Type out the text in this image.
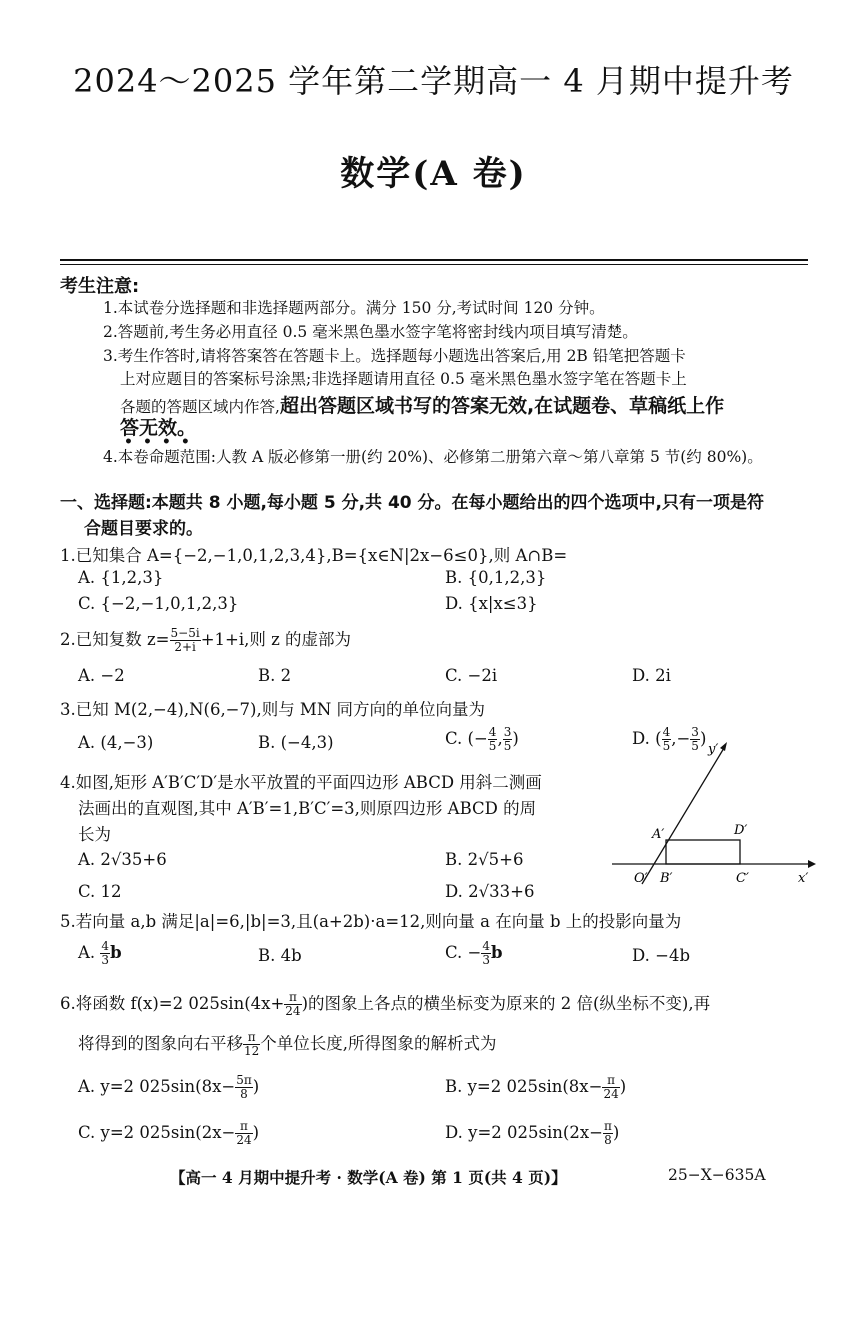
2024～2025 学年第二学期高一 4 月期中提升考
数学(A 卷)
考生注意:
1.本试卷分选择题和非选择题两部分。满分 150 分,考试时间 120 分钟。
2.答题前,考生务必用直径 0.5 毫米黑色墨水签字笔将密封线内项目填写清楚。
3.考生作答时,请将答案答在答题卡上。选择题每小题选出答案后,用 2B 铅笔把答题卡
上对应题目的答案标号涂黑;非选择题请用直径 0.5 毫米黑色墨水签字笔在答题卡上
各题的答题区域内作答,超出答题区域书写的答案无效,在试题卷、草稿纸上作
答无效。
••••
4.本卷命题范围:人教 A 版必修第一册(约 20%)、必修第二册第六章～第八章第 5 节(约 80%)。
一、选择题:本题共 8 小题,每小题 5 分,共 40 分。在每小题给出的四个选项中,只有一项是符
合题目要求的。
1.已知集合 A={−2,−1,0,1,2,3,4},B={x∈N|2x−6≤0},则 A∩B=
A. {1,2,3}	B. {0,1,2,3}
C. {−2,−1,0,1,2,3}	D. {x|x≤3}
2.已知复数 $z= \frac{5-5i}{2+i} +1+i$,则 z 的虚部为
A. −2	B. 2	C. −2i	D. 2i
3.已知 M(2,−4),N(6,−7),则与 MN 同方向的单位向量为
A. (4,−3)	B. (−4,3)	C. (− $\frac{4}{5}$ , $\frac{3}{5}$ )	D. ( $\frac{4}{5}$ ,− $\frac{3}{5}$ )
4.如图,矩形 A′B′C′D′是水平放置的平面四边形 ABCD 用斜二测画
法画出的直观图,其中 A′B′=1,B′C′=3,则原四边形 ABCD 的周
长为
A. 2√35+6	B. 2√5+6
C. 12	D. 2√33+6
y′
x′
O′
A′	D′
B′	C′
5.若向量 a,b 满足|a|=6,|b|=3,且(a+2b)·a=12,则向量 a 在向量 b 上的投影向量为
A. $\frac{4}{3}$ b	B. 4b	C. − $\frac{4}{3}$ b	D. −4b
6.将函数 f(x)=2 $025\sin(4x+ \frac{\pi}{24}$ )的图象上各点的横坐标变为原来的 2 倍(纵坐标不变),再
将得到的图象向右平移 $\frac{\pi}{12}$ 个单位长度,所得图象的解析式为
A. y=2 $025\sin(8x- \frac{5\pi}{8}$ )	B. y=2 $025\sin(8x- \frac{\pi}{24}$ )
C. y=2 $025\sin(2x- \frac{\pi}{24}$ )	D. y=2 $025\sin(2x- \frac{\pi}{8}$ )
【高一 4 月期中提升考 · 数学(A 卷) 第 1 页(共 4 页)】	25−X−635A
